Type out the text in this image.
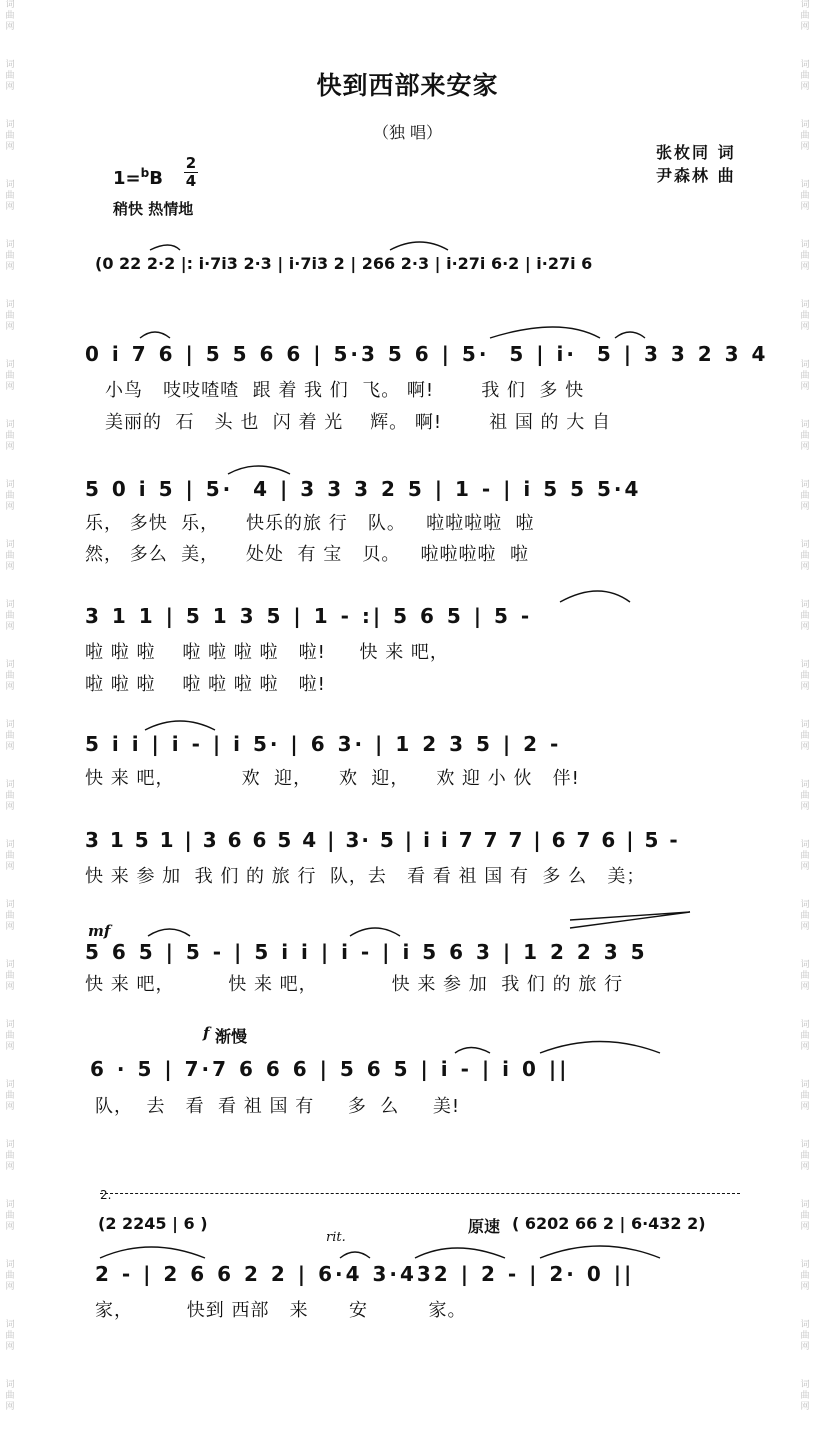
词
曲
网
词
曲
网
词
曲
网
词
曲
网
词
曲
网
词
曲
网
词
曲
网
词
曲
网
词
曲
网
词
曲
网
词
曲
网
词
曲
网
词
曲
网
词
曲
网
词
曲
网
词
曲
网
词
曲
网
词
曲
网
词
曲
网
词
曲
网
词
曲
网
词
曲
网
词
曲
网
词
曲
网
词
曲
网
词
曲
网
词
曲
网
词
曲
网
词
曲
网
词
曲
网
词
曲
网
词
曲
网
词
曲
网
词
曲
网
词
曲
网
词
曲
网
词
曲
网
词
曲
网
词
曲
网
词
曲
网
词
曲
网
词
曲
网
词
曲
网
词
曲
网
词
曲
网
词
曲
网
词
曲
网
词
曲
网
快到西部来安家
（独 唱）
张枚同 词
尹森林 曲
1=$^b$B
2
4
稍快 热情地
(0 22 2·2 |: i·7i3 2·3 | i·7i3 2 | 266 2·3 | i·27i 6·2 | i·27i 6
0 i 7 6 | 5 5 6 6 | 5·3 5 6 | 5·  5 | i·  5 | 3 3 2 3 4
小鸟   吱吱喳喳  跟 着 我 们  飞。 啊!       我 们  多 快
美丽的  石   头 也  闪 着 光    辉。 啊!       祖 国 的 大 自
5 0 i 5 | 5·  4 | 3 3 3 2 5 | 1 - | i 5 5 5·4
乐， 多快  乐，    快乐的旅 行   队。   啦啦啦啦  啦
然， 多么  美，    处处  有 宝   贝。   啦啦啦啦  啦
3 1 1 | 5 1 3 5 | 1 - :| 5 6 5 | 5 -
啦 啦 啦    啦 啦 啦 啦   啦!     快 来 吧，
啦 啦 啦    啦 啦 啦 啦   啦!
5 i i | i - | i 5· | 6 3· | 1 2 3 5 | 2 -
快 来 吧，          欢  迎，    欢  迎，    欢 迎 小 伙   伴!
3 1 5 1 | 3 6 6 5 4 | 3· 5 | i i 7 7 7 | 6 7 6 | 5 -
快 来 参 加  我 们 的 旅 行  队，去   看 看 祖 国 有  多 么   美；
mf
5 6 5 | 5 - | 5 i i | i - | i 5 6 3 | 1 2 2 3 5
快 来 吧，        快 来 吧，           快 来 参 加  我 们 的 旅 行
f 渐慢
6 · 5 | 7·7 6 6 6 | 5 6 5 | i - | i 0 ||
队，  去   看  看 祖 国 有     多  么     美!
2.
(2 2245 | 6 )	原速 ( 6202 66 2 | 6·432 2)
rit.
2 - | 2 6 6 2 2 | 6·4 3·432 | 2 - | 2· 0 ||
家，        快到 西部   来      安         家。
